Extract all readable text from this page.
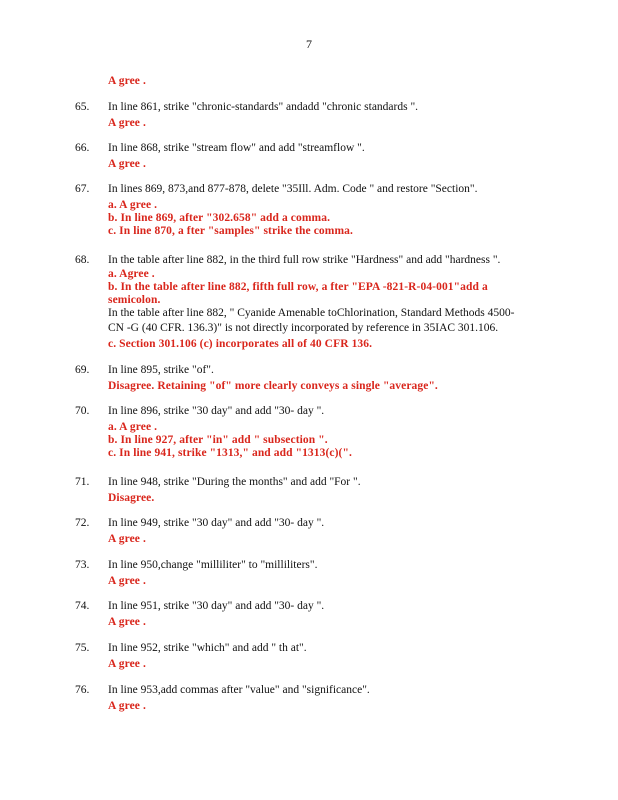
7
A gree .
65. In line 861, strike "chronic-standards" andadd "chronic standards ".
A gree .
66. In line 868, strike "stream flow" and add "streamflow ".
A gree .
67. In lines 869, 873,and 877-878, delete "35Ill. Adm. Code " and restore "Section".
a. A gree .
b. In line 869, after "302.658" add a comma.
c. In line 870, a fter "samples" strike the comma.
68. In the table after line 882, in the third full row strike "Hardness" and add "hardness ".
a. Agree .
b. In the table after line 882, fifth full row, a fter "EPA -821-R-04-001"add a
semicolon.
In the table after line 882, " Cyanide Amenable toChlorination, Standard Methods 4500-
CN -G (40 CFR. 136.3)" is not directly incorporated by reference in 35IAC 301.106.
c. Section 301.106 (c) incorporates all of 40 CFR 136.
69. In line 895, strike "of".
Disagree. Retaining "of" more clearly conveys a single "average".
70. In line 896, strike "30 day" and add "30- day ".
a. A gree .
b. In line 927, after "in" add " subsection ".
c. In line 941, strike "1313," and add "1313(c)(".
71. In line 948, strike "During the months" and add "For ".
Disagree.
72. In line 949, strike "30 day" and add "30- day ".
A gree .
73. In line 950,change "milliliter" to "milliliters".
A gree .
74. In line 951, strike "30 day" and add "30- day ".
A gree .
75. In line 952, strike "which" and add " th at".
A gree .
76. In line 953,add commas after "value" and "significance".
A gree .
